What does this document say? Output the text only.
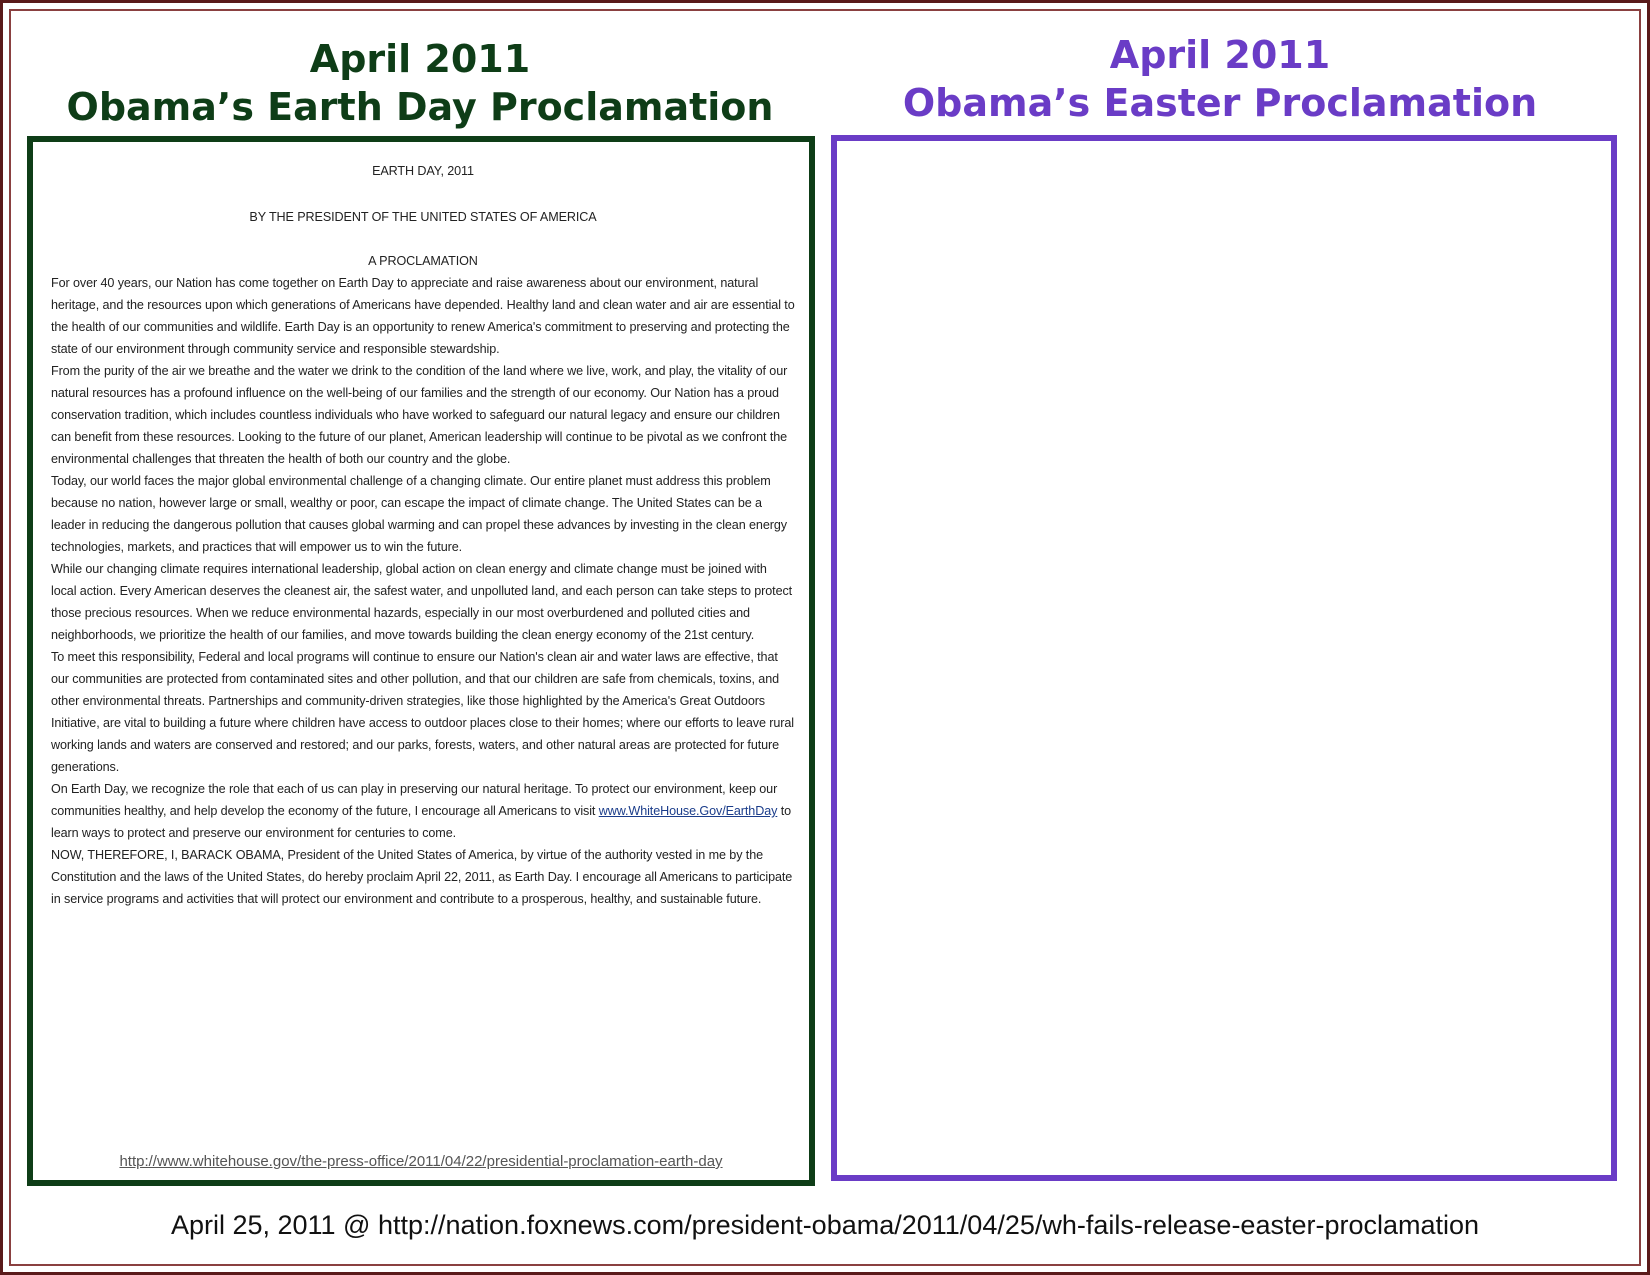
April 2011
Obama’s Earth Day Proclamation
April 2011
Obama’s Easter Proclamation

EARTH DAY, 2011

BY THE PRESIDENT OF THE UNITED STATES OF AMERICA

A PROCLAMATION

For over 40 years, our Nation has come together on Earth Day to appreciate and raise awareness about our environment, natural heritage, and the resources upon which generations of Americans have depended. Healthy land and clean water and air are essential to the health of our communities and wildlife. Earth Day is an opportunity to renew America's commitment to preserving and protecting the state of our environment through community service and responsible stewardship.

From the purity of the air we breathe and the water we drink to the condition of the land where we live, work, and play, the vitality of our natural resources has a profound influence on the well-being of our families and the strength of our economy. Our Nation has a proud conservation tradition, which includes countless individuals who have worked to safeguard our natural legacy and ensure our children can benefit from these resources. Looking to the future of our planet, American leadership will continue to be pivotal as we confront the environmental challenges that threaten the health of both our country and the globe.

Today, our world faces the major global environmental challenge of a changing climate. Our entire planet must address this problem because no nation, however large or small, wealthy or poor, can escape the impact of climate change. The United States can be a leader in reducing the dangerous pollution that causes global warming and can propel these advances by investing in the clean energy technologies, markets, and practices that will empower us to win the future.

While our changing climate requires international leadership, global action on clean energy and climate change must be joined with local action. Every American deserves the cleanest air, the safest water, and unpolluted land, and each person can take steps to protect those precious resources. When we reduce environmental hazards, especially in our most overburdened and polluted cities and neighborhoods, we prioritize the health of our families, and move towards building the clean energy economy of the 21st century.

To meet this responsibility, Federal and local programs will continue to ensure our Nation's clean air and water laws are effective, that our communities are protected from contaminated sites and other pollution, and that our children are safe from chemicals, toxins, and other environmental threats. Partnerships and community-driven strategies, like those highlighted by the America's Great Outdoors Initiative, are vital to building a future where children have access to outdoor places close to their homes; where our efforts to leave rural working lands and waters are conserved and restored; and our parks, forests, waters, and other natural areas are protected for future generations.

On Earth Day, we recognize the role that each of us can play in preserving our natural heritage. To protect our environment, keep our communities healthy, and help develop the economy of the future, I encourage all Americans to visit www.WhiteHouse.Gov/EarthDay to learn ways to protect and preserve our environment for centuries to come.

NOW, THEREFORE, I, BARACK OBAMA, President of the United States of America, by virtue of the authority vested in me by the Constitution and the laws of the United States, do hereby proclaim April 22, 2011, as Earth Day. I encourage all Americans to participate in service programs and activities that will protect our environment and contribute to a prosperous, healthy, and sustainable future.

http://www.whitehouse.gov/the-press-office/2011/04/22/presidential-proclamation-earth-day
April 25, 2011 @ http://nation.foxnews.com/president-obama/2011/04/25/wh-fails-release-easter-proclamation
